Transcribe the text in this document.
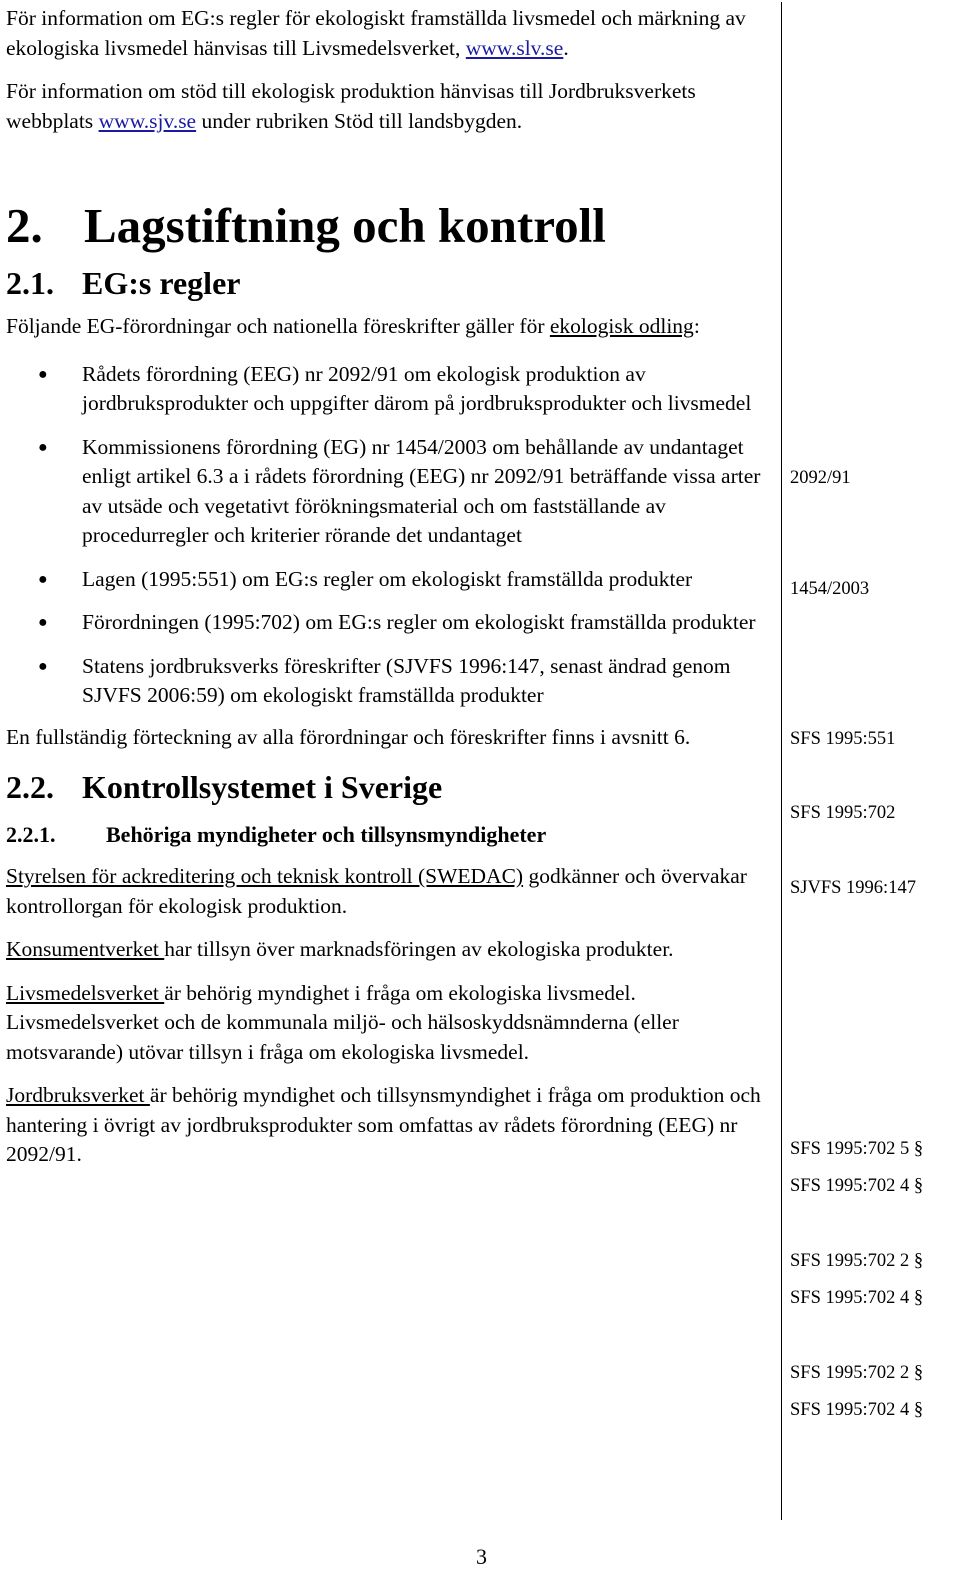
För information om EG:s regler för ekologiskt framställda livsmedel och märkning av ekologiska livsmedel hänvisas till Livsmedelsverket, www.slv.se.

För information om stöd till ekologisk produktion hänvisas till Jordbruksverkets webbplats www.sjv.se under rubriken Stöd till landsbygden.

2. Lagstiftning och kontroll
2.1. EG:s regler

Följande EG-förordningar och nationella föreskrifter gäller för ekologisk odling:

● Rådets förordning (EEG) nr 2092/91 om ekologisk produktion av jordbruksprodukter och uppgifter därom på jordbruksprodukter och livsmedel
● Kommissionens förordning (EG) nr 1454/2003 om behållande av undantaget enligt artikel 6.3 a i rådets förordning (EEG) nr 2092/91 beträffande vissa arter av utsäde och vegetativt förökningsmaterial och om fastställande av procedurregler och kriterier rörande det undantaget
● Lagen (1995:551) om EG:s regler om ekologiskt framställda produkter
● Förordningen (1995:702) om EG:s regler om ekologiskt framställda produkter
● Statens jordbruksverks föreskrifter (SJVFS 1996:147, senast ändrad genom SJVFS 2006:59) om ekologiskt framställda produkter

En fullständig förteckning av alla förordningar och föreskrifter finns i avsnitt 6.

2.2. Kontrollsystemet i Sverige
2.2.1. Behöriga myndigheter och tillsynsmyndigheter

Styrelsen för ackreditering och teknisk kontroll (SWEDAC) godkänner och övervakar kontrollorgan för ekologisk produktion.

Konsumentverket har tillsyn över marknadsföringen av ekologiska produkter.

Livsmedelsverket är behörig myndighet i fråga om ekologiska livsmedel. Livsmedelsverket och de kommunala miljö- och hälsoskyddsnämnderna (eller motsvarande) utövar tillsyn i fråga om ekologiska livsmedel.

Jordbruksverket är behörig myndighet och tillsynsmyndighet i fråga om produktion och hantering i övrigt av jordbruksprodukter som omfattas av rådets förordning (EEG) nr 2092/91.

2092/91
1454/2003
SFS 1995:551
SFS 1995:702
SJVFS 1996:147
SFS 1995:702 5 §
SFS 1995:702 4 §
SFS 1995:702 2 §
SFS 1995:702 4 §
SFS 1995:702 2 §
SFS 1995:702 4 §
3
